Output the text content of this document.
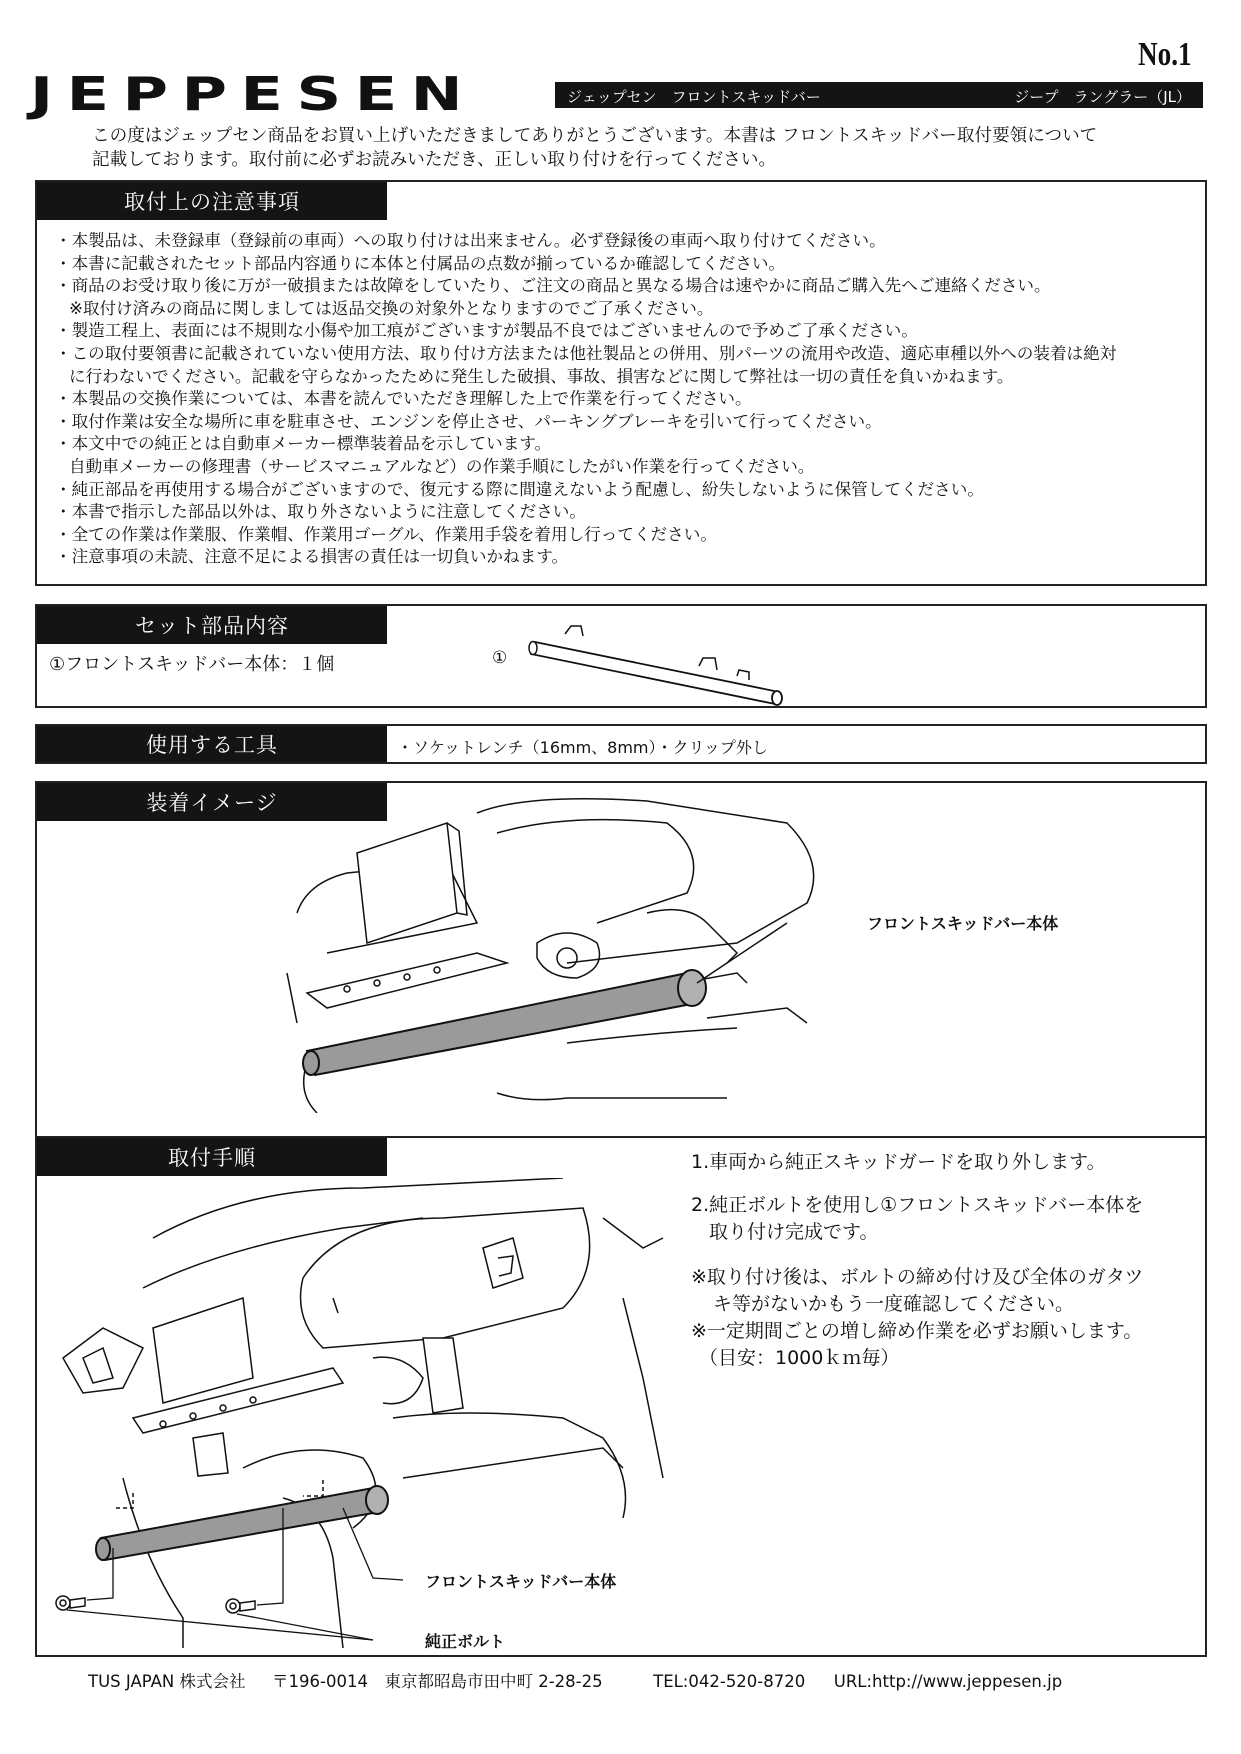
No.1
JEPPESEN	ジェップセン　フロントスキッドバー	ジープ　ラングラー（JL）
この度はジェップセン商品をお買い上げいただきましてありがとうございます。本書は フロントスキッドバー取付要領について
記載しております。取付前に必ずお読みいただき、正しい取り付けを行ってください。
取付上の注意事項
・本製品は、未登録車（登録前の車両）への取り付けは出来ません。必ず登録後の車両へ取り付けてください。
・本書に記載されたセット部品内容通りに本体と付属品の点数が揃っているか確認してください。
・商品のお受け取り後に万が一破損または故障をしていたり、ご注文の商品と異なる場合は速やかに商品ご購入先へご連絡ください。
※取付け済みの商品に関しましては返品交換の対象外となりますのでご了承ください。
・製造工程上、表面には不規則な小傷や加工痕がございますが製品不良ではございませんので予めご了承ください。
・この取付要領書に記載されていない使用方法、取り付け方法または他社製品との併用、別パーツの流用や改造、適応車種以外への装着は絶対
に行わないでください。記載を守らなかったために発生した破損、事故、損害などに関して弊社は一切の責任を負いかねます。
・本製品の交換作業については、本書を読んでいただき理解した上で作業を行ってください。
・取付作業は安全な場所に車を駐車させ、エンジンを停止させ、パーキングブレーキを引いて行ってください。
・本文中での純正とは自動車メーカー標準装着品を示しています。
自動車メーカーの修理書（サービスマニュアルなど）の作業手順にしたがい作業を行ってください。
・純正部品を再使用する場合がございますので、復元する際に間違えないよう配慮し、紛失しないように保管してください。
・本書で指示した部品以外は、取り外さないように注意してください。
・全ての作業は作業服、作業帽、作業用ゴーグル、作業用手袋を着用し行ってください。
・注意事項の未読、注意不足による損害の責任は一切負いかねます。
セット部品内容
①フロントスキッドバー本体：１個	①
使用する工具	・ソケットレンチ（16mm、8mm）・クリップ外し
装着イメージ
フロントスキッドバー本体
取付手順	1.車両から純正スキッドガードを取り外します。
2.純正ボルトを使用し①フロントスキッドバー本体を
取り付け完成です。
※取り付け後は、ボルトの締め付け及び全体のガタツ
キ等がないかもう一度確認してください。
※一定期間ごとの増し締め作業を必ずお願いします。
（目安：1000ｋｍ毎）
フロントスキッドバー本体
純正ボルト
TUS JAPAN 株式会社 〒196-0014　東京都昭島市田中町 2-28-25	TEL:042-520-8720 URL:http://www.jeppesen.jp
